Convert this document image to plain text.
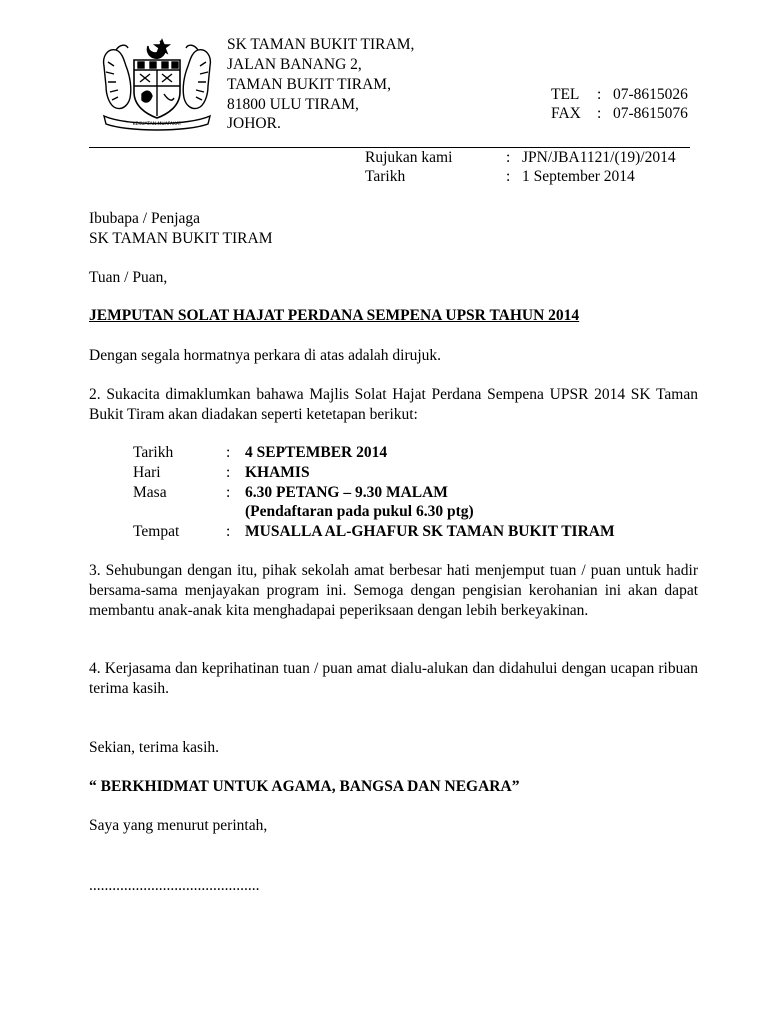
KEKUATAN MUAFAKAT
SK TAMAN BUKIT TIRAM,
JALAN BANANG 2,
TAMAN BUKIT TIRAM,
81800 ULU TIRAM,
JOHOR.
TEL : 07-8615026
FAX : 07-8615076
Rujukan kami	: JPN/JBA1121/(19)/2014
Tarikh	: 1 September 2014
Ibubapa / Penjaga
SK TAMAN BUKIT TIRAM
Tuan / Puan,
JEMPUTAN SOLAT HAJAT PERDANA SEMPENA UPSR TAHUN 2014
Dengan segala hormatnya perkara di atas adalah dirujuk.
2. Sukacita dimaklumkan bahawa Majlis Solat Hajat Perdana Sempena UPSR 2014 SK Taman Bukit Tiram akan diadakan seperti ketetapan berikut:
Tarikh	: 4 SEPTEMBER 2014
Hari	: KHAMIS
Masa	: 6.30 PETANG – 9.30 MALAM
(Pendaftaran pada pukul 6.30 ptg)
Tempat	: MUSALLA AL-GHAFUR SK TAMAN BUKIT TIRAM
3. Sehubungan dengan itu, pihak sekolah amat berbesar hati menjemput tuan / puan untuk hadir bersama-sama menjayakan program ini. Semoga dengan pengisian kerohanian ini akan dapat membantu anak-anak kita menghadapai peperiksaan dengan lebih berkeyakinan.
4. Kerjasama dan keprihatinan tuan / puan amat dialu-alukan dan didahului dengan ucapan ribuan terima kasih.
Sekian, terima kasih.
“ BERKHIDMAT UNTUK AGAMA, BANGSA DAN NEGARA”
Saya yang menurut perintah,
............................................
